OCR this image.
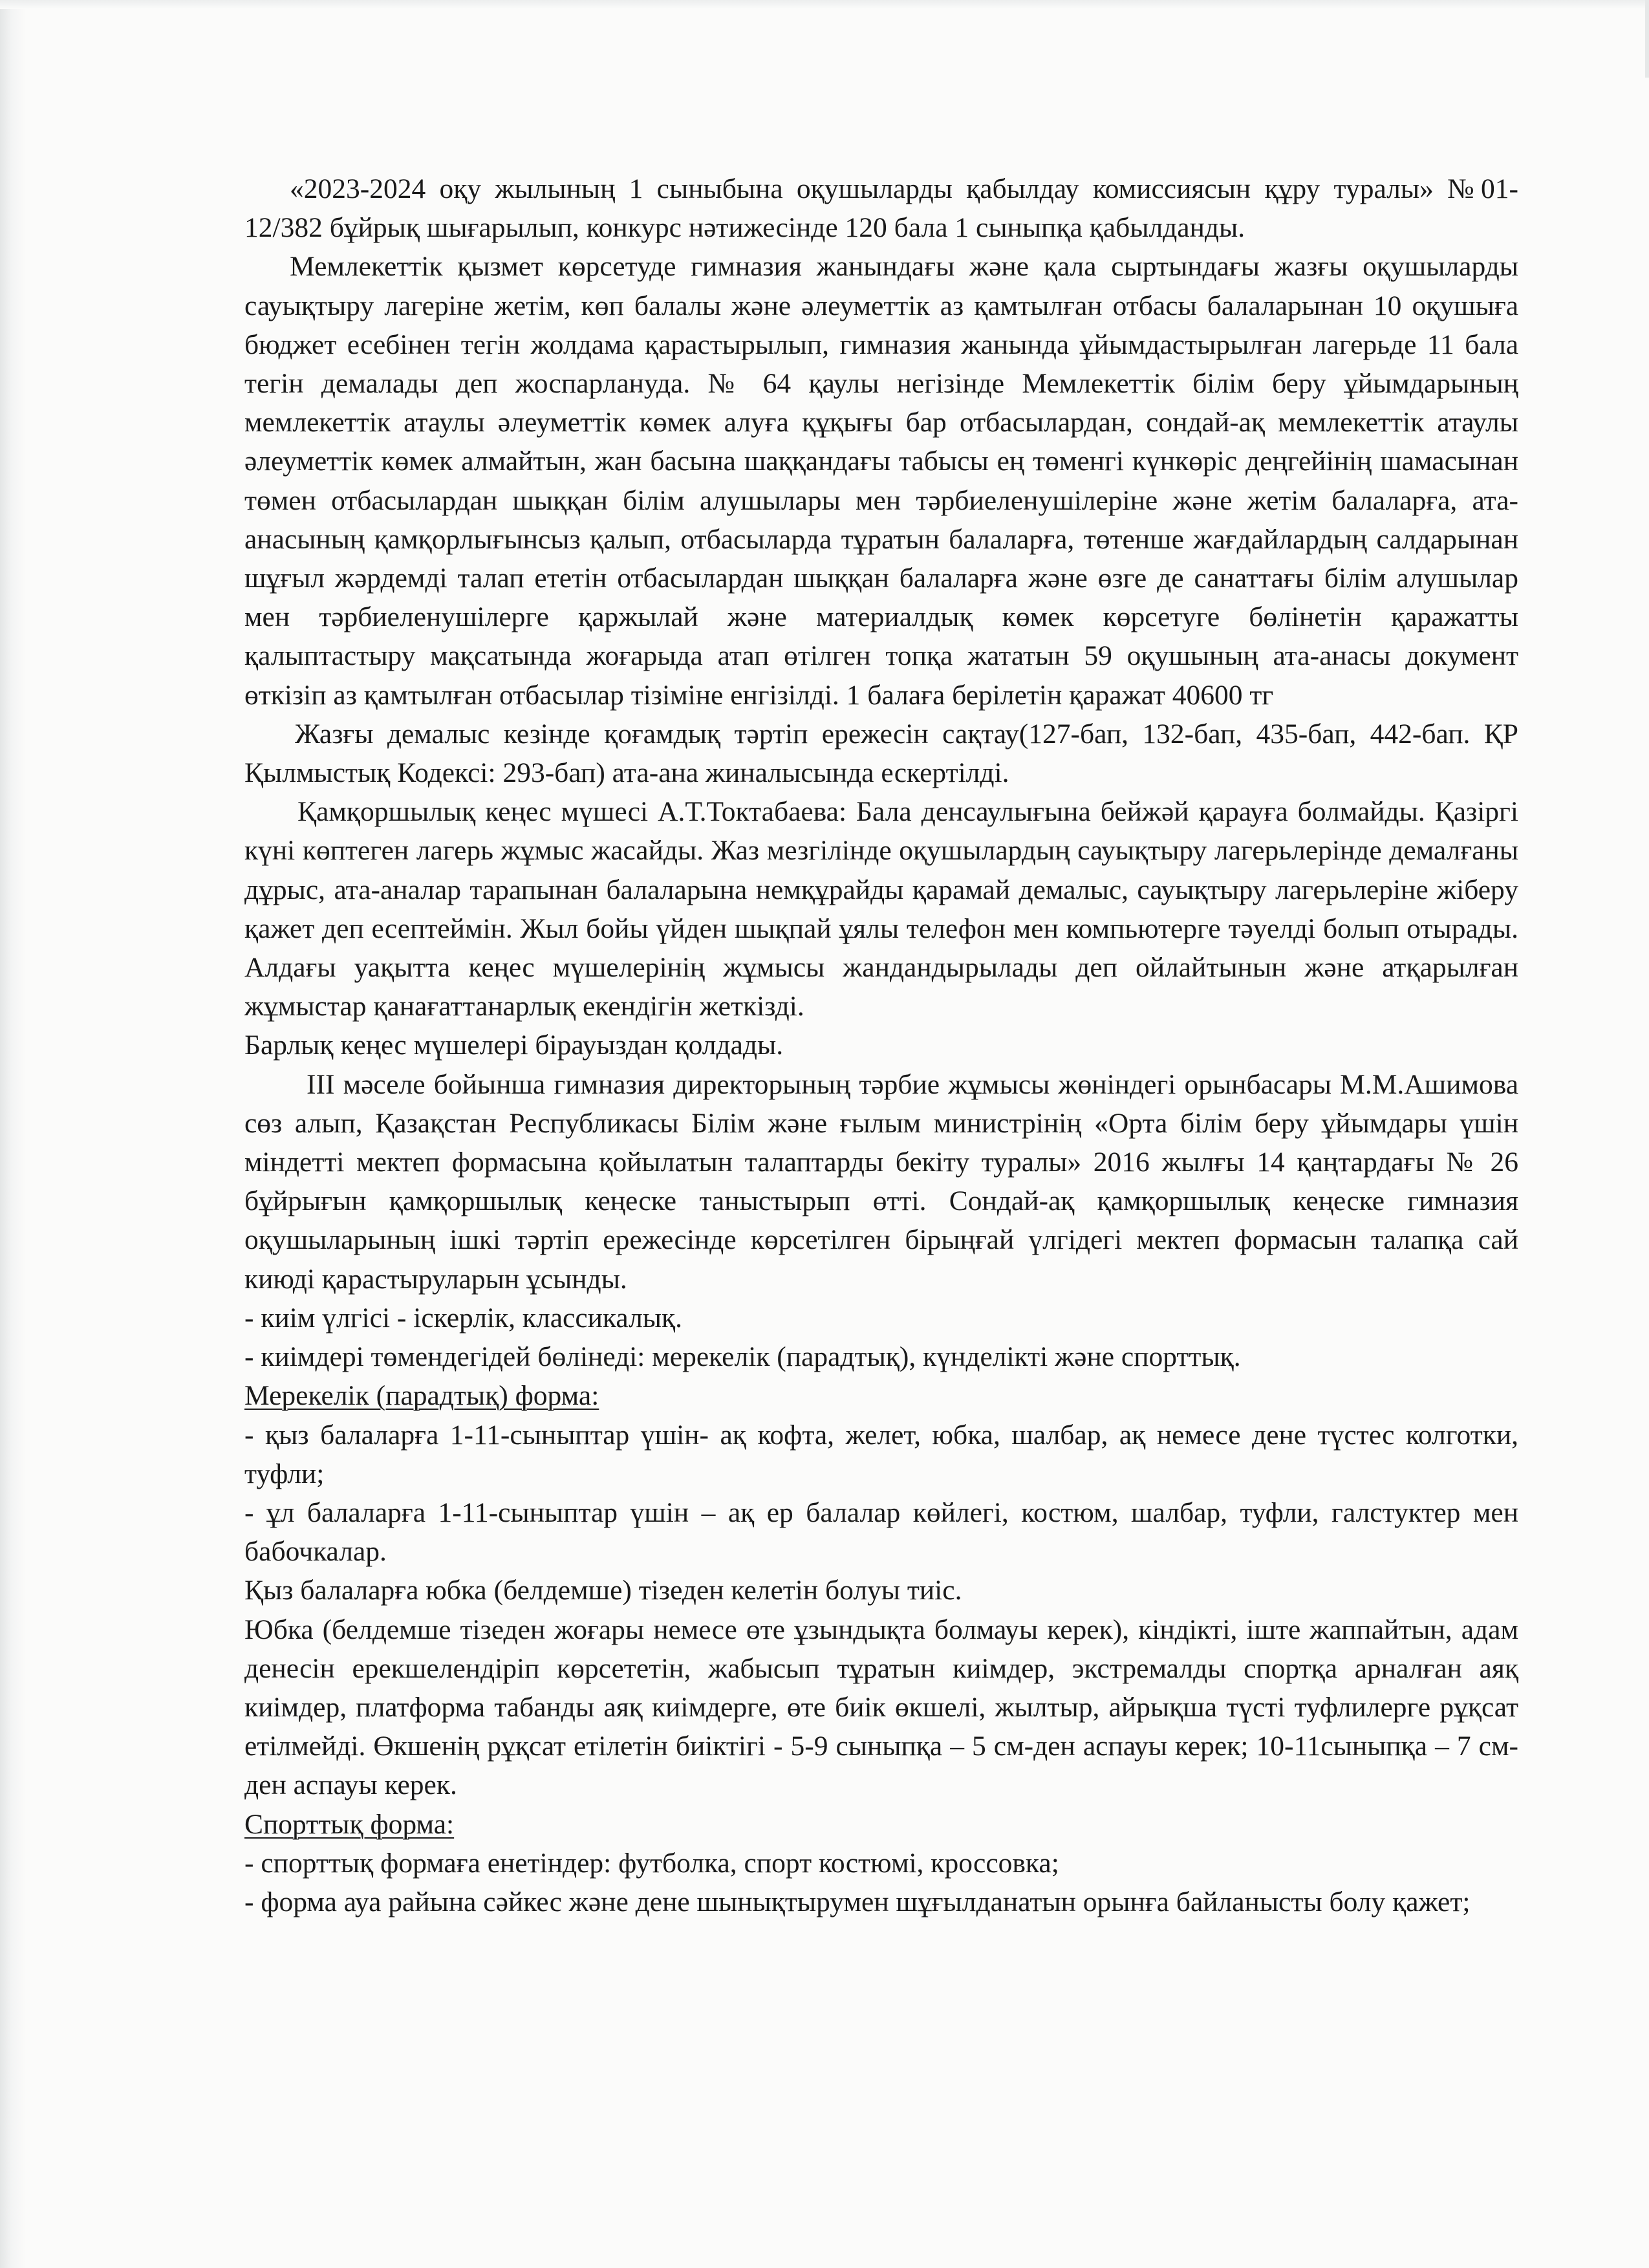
«2023-2024 оқу жылының 1 сыныбына оқушыларды қабылдау комиссиясын құру туралы» №01-12/382 бұйрық шығарылып, конкурс нәтижесінде 120 бала 1 сыныпқа қабылданды.

Мемлекеттік қызмет көрсетуде гимназия жанындағы және қала сыртындағы жазғы оқушыларды сауықтыру лагеріне жетім, көп балалы және әлеуметтік аз қамтылған отбасы балаларынан 10 оқушыға бюджет есебінен тегін жолдама қарастырылып, гимназия жанында ұйымдастырылған лагерьде 11 бала тегін демалады деп жоспарлануда. № 64 қаулы негізінде Мемлекеттік білім беру ұйымдарының мемлекеттік атаулы әлеуметтік көмек алуға құқығы бар отбасылардан, сондай-ақ мемлекеттік атаулы әлеуметтік көмек алмайтын, жан басына шаққандағы табысы ең төменгі күнкөріс деңгейінің шамасынан төмен отбасылардан шыққан білім алушылары мен тәрбиеленушілеріне және жетім балаларға, ата-анасының қамқорлығынсыз қалып, отбасыларда тұратын балаларға, төтенше жағдайлардың салдарынан шұғыл жәрдемді талап ететін отбасылардан шыққан балаларға және өзге де санаттағы білім алушылар мен тәрбиеленушілерге қаржылай және материалдық көмек көрсетуге бөлінетін қаражатты қалыптастыру мақсатында жоғарыда атап өтілген топқа жататын 59 оқушының ата-анасы документ өткізіп аз қамтылған отбасылар тізіміне енгізілді. 1 балаға берілетін қаражат 40600 тг

Жазғы демалыс кезінде қоғамдық тәртіп ережесін сақтау(127-бап, 132-бап, 435-бап, 442-бап. ҚР Қылмыстық Кодексі: 293-бап) ата-ана жиналысында ескертілді.

Қамқоршылық кеңес мүшесі А.Т.Токтабаева: Бала денсаулығына бейжәй қарауға болмайды. Қазіргі күні көптеген лагерь жұмыс жасайды. Жаз мезгілінде оқушылардың сауықтыру лагерьлерінде демалғаны дұрыс, ата-аналар тарапынан балаларына немқұрайды қарамай демалыс, сауықтыру лагерьлеріне жіберу қажет деп есептеймін. Жыл бойы үйден шықпай ұялы телефон мен компьютерге тәуелді болып отырады. Алдағы уақытта кеңес мүшелерінің жұмысы жандандырылады деп ойлайтынын және атқарылған жұмыстар қанағаттанарлық екендігін жеткізді.

Барлық кеңес мүшелері бірауыздан қолдады.

III мәселе бойынша гимназия директорының тәрбие жұмысы жөніндегі орынбасары М.М.Ашимова сөз алып, Қазақстан Республикасы Білім және ғылым министрінің «Орта білім беру ұйымдары үшін міндетті мектеп формасына қойылатын талаптарды бекіту туралы» 2016 жылғы 14 қаңтардағы № 26 бұйрығын қамқоршылық кеңеске таныстырып өтті. Сондай-ақ қамқоршылық кеңеске гимназия оқушыларының ішкі тәртіп ережесінде көрсетілген бірыңғай үлгідегі мектеп формасын талапқа сай киюді қарастыруларын ұсынды.

- киім үлгісі - іскерлік, классикалық.

- киімдері төмендегідей бөлінеді: мерекелік (парадтық), күнделікті және спорттық.

Мерекелік (парадтық) форма:

- қыз балаларға 1-11-сыныптар үшін- ақ кофта, желет, юбка, шалбар, ақ немесе дене түстес колготки, туфли;

- ұл балаларға 1-11-сыныптар үшін – ақ ер балалар көйлегі, костюм, шалбар, туфли, галстуктер мен бабочкалар.

Қыз балаларға юбка (белдемше) тізеден келетін болуы тиіс.

Юбка (белдемше тізеден жоғары немесе өте ұзындықта болмауы керек), кіндікті, іште жаппайтын, адам денесін ерекшелендіріп көрсететін, жабысып тұратын киімдер, экстремалды спортқа арналған аяқ киімдер, платформа табанды аяқ киімдерге, өте биік өкшелі, жылтыр, айрықша түсті туфлилерге рұқсат етілмейді. Өкшенің рұқсат етілетін биіктігі - 5-9 сыныпқа – 5 см-ден аспауы керек; 10-11сыныпқа – 7 см-ден аспауы керек.

Спорттық форма:

- спорттық формаға енетіндер: футболка, спорт костюмі, кроссовка;

- форма ауа райына сәйкес және дене шынықтырумен шұғылданатын орынға байланысты болу қажет;
